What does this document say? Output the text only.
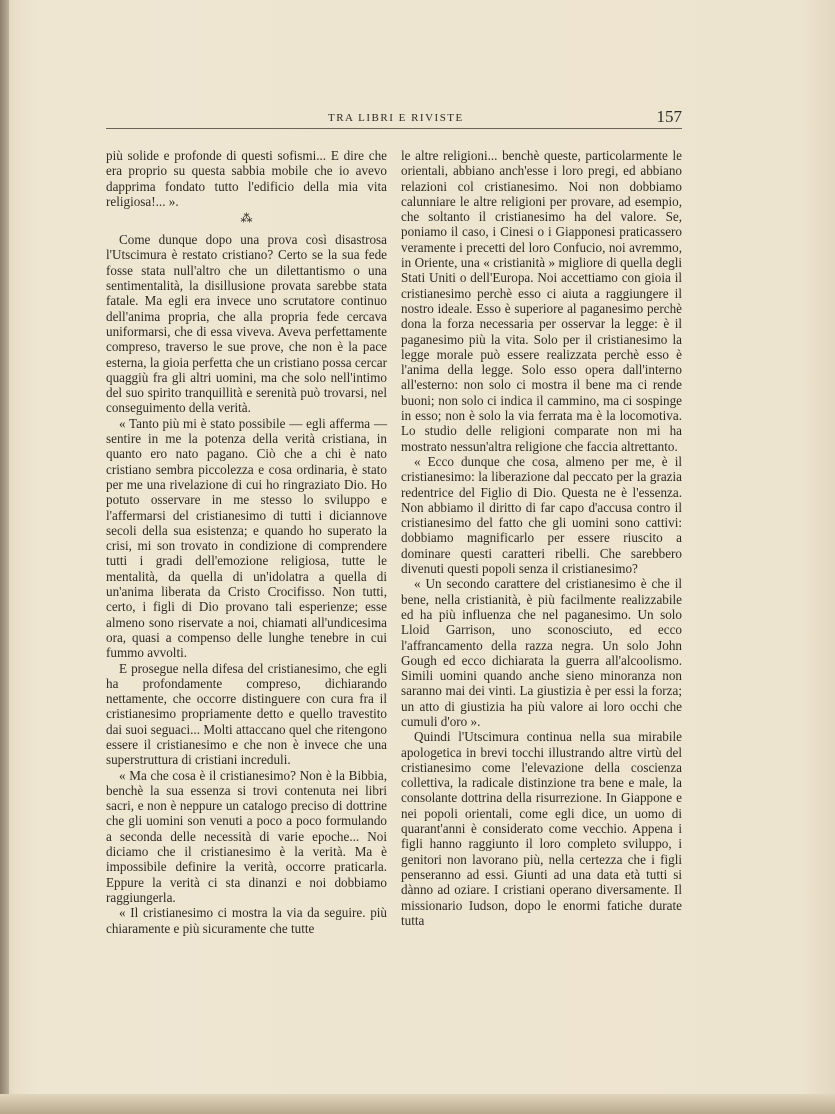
TRA LIBRI E RIVISTE	157

più solide e profonde di questi sofismi... E dire che era proprio su questa sabbia mobile che io avevo dapprima fondato tutto l'edificio della mia vita religiosa!... ».

⁂

Come dunque dopo una prova così disastrosa l'Utscimura è restato cristiano? Certo se la sua fede fosse stata null'altro che un dilettantismo o una sentimentalità, la disillusione provata sarebbe stata fatale. Ma egli era invece uno scrutatore continuo dell'anima propria, che alla propria fede cercava uniformarsi, che di essa viveva. Aveva perfettamente compreso, traverso le sue prove, che non è la pace esterna, la gioia perfetta che un cristiano possa cercar quaggiù fra gli altri uomini, ma che solo nell'intimo del suo spirito tranquillità e serenità può trovarsi, nel conseguimento della verità.

« Tanto più mi è stato possibile — egli afferma — sentire in me la potenza della verità cristiana, in quanto ero nato pagano. Ciò che a chi è nato cristiano sembra piccolezza e cosa ordinaria, è stato per me una rivelazione di cui ho ringraziato Dio. Ho potuto osservare in me stesso lo sviluppo e l'affermarsi del cristianesimo di tutti i diciannove secoli della sua esistenza; e quando ho superato la crisi, mi son trovato in condizione di comprendere tutti i gradi dell'emozione religiosa, tutte le mentalità, da quella di un'idolatra a quella di un'anima liberata da Cristo Crocifisso. Non tutti, certo, i figli di Dio provano tali esperienze; esse almeno sono riservate a noi, chiamati all'undicesima ora, quasi a compenso delle lunghe tenebre in cui fummo avvolti.

E prosegue nella difesa del cristianesimo, che egli ha profondamente compreso, dichiarando nettamente, che occorre distinguere con cura fra il cristianesimo propriamente detto e quello travestito dai suoi seguaci... Molti attaccano quel che ritengono essere il cristianesimo e che non è invece che una superstruttura di cristiani increduli.

« Ma che cosa è il cristianesimo? Non è la Bibbia, benchè la sua essenza si trovi contenuta nei libri sacri, e non è neppure un catalogo preciso di dottrine che gli uomini son venuti a poco a poco formulando a seconda delle necessità di varie epoche... Noi diciamo che il cristianesimo è la verità. Ma è impossibile definire la verità, occorre praticarla. Eppure la verità ci sta dinanzi e noi dobbiamo raggiungerla.

« Il cristianesimo ci mostra la via da seguire. più chiaramente e più sicuramente che tutte

le altre religioni... benchè queste, particolarmente le orientali, abbiano anch'esse i loro pregi, ed abbiano relazioni col cristianesimo. Noi non dobbiamo calunniare le altre religioni per provare, ad esempio, che soltanto il cristianesimo ha del valore. Se, poniamo il caso, i Cinesi o i Giapponesi praticassero veramente i precetti del loro Confucio, noi avremmo, in Oriente, una « cristianità » migliore di quella degli Stati Uniti o dell'Europa. Noi accettiamo con gioia il cristianesimo perchè esso ci aiuta a raggiungere il nostro ideale. Esso è superiore al paganesimo perchè dona la forza necessaria per osservar la legge: è il paganesimo più la vita. Solo per il cristianesimo la legge morale può essere realizzata perchè esso è l'anima della legge. Solo esso opera dall'interno all'esterno: non solo ci mostra il bene ma ci rende buoni; non solo ci indica il cammino, ma ci sospinge in esso; non è solo la via ferrata ma è la locomotiva. Lo studio delle religioni comparate non mi ha mostrato nessun'altra religione che faccia altrettanto.

« Ecco dunque che cosa, almeno per me, è il cristianesimo: la liberazione dal peccato per la grazia redentrice del Figlio di Dio. Questa ne è l'essenza. Non abbiamo il diritto di far capo d'accusa contro il cristianesimo del fatto che gli uomini sono cattivi: dobbiamo magnificarlo per essere riuscito a dominare questi caratteri ribelli. Che sarebbero divenuti questi popoli senza il cristianesimo?

« Un secondo carattere del cristianesimo è che il bene, nella cristianità, è più facilmente realizzabile ed ha più influenza che nel paganesimo. Un solo Lloid Garrison, uno sconosciuto, ed ecco l'affrancamento della razza negra. Un solo John Gough ed ecco dichiarata la guerra all'alcoolismo. Simili uomini quando anche sieno minoranza non saranno mai dei vinti. La giustizia è per essi la forza; un atto di giustizia ha più valore ai loro occhi che cumuli d'oro ».

Quindi l'Utscimura continua nella sua mirabile apologetica in brevi tocchi illustrando altre virtù del cristianesimo come l'elevazione della coscienza collettiva, la radicale distinzione tra bene e male, la consolante dottrina della risurrezione. In Giappone e nei popoli orientali, come egli dice, un uomo di quarant'anni è considerato come vecchio. Appena i figli hanno raggiunto il loro completo sviluppo, i genitori non lavorano più, nella certezza che i figli penseranno ad essi. Giunti ad una data età tutti si dànno ad oziare. I cristiani operano diversamente. Il missionario Iudson, dopo le enormi fatiche durate tutta
